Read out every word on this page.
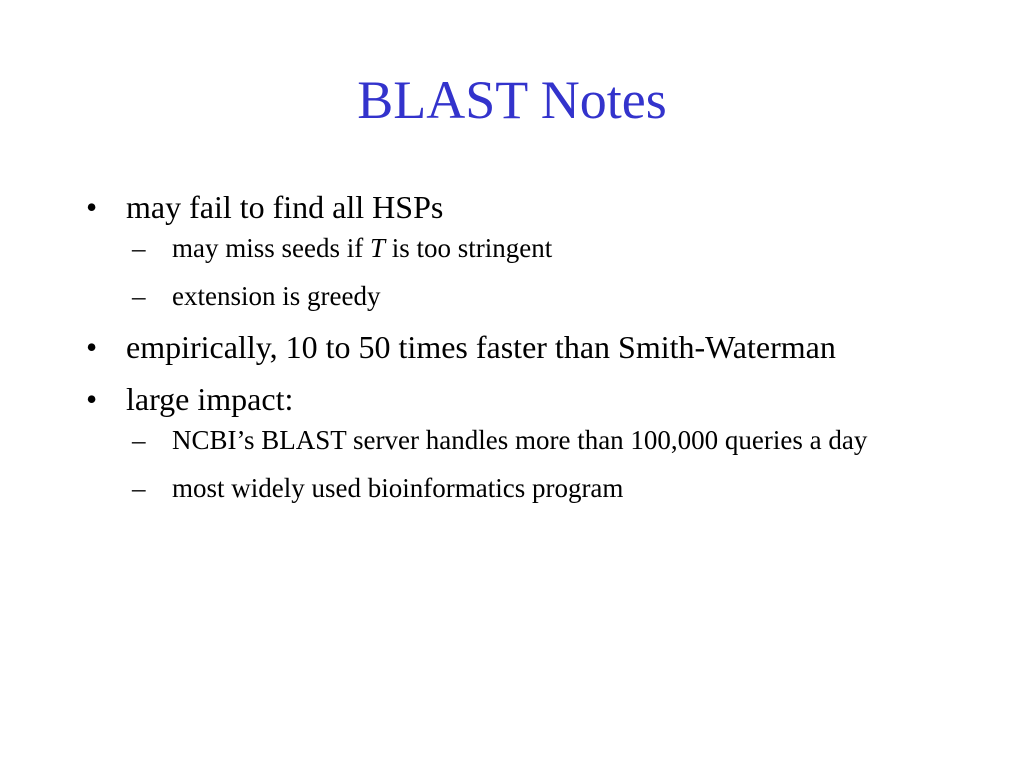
BLAST Notes
• may fail to find all HSPs
– may miss seeds if T is too stringent
– extension is greedy
• empirically, 10 to 50 times faster than Smith-Waterman
• large impact:
– NCBI’s BLAST server handles more than 100,000 queries a day
– most widely used bioinformatics program
